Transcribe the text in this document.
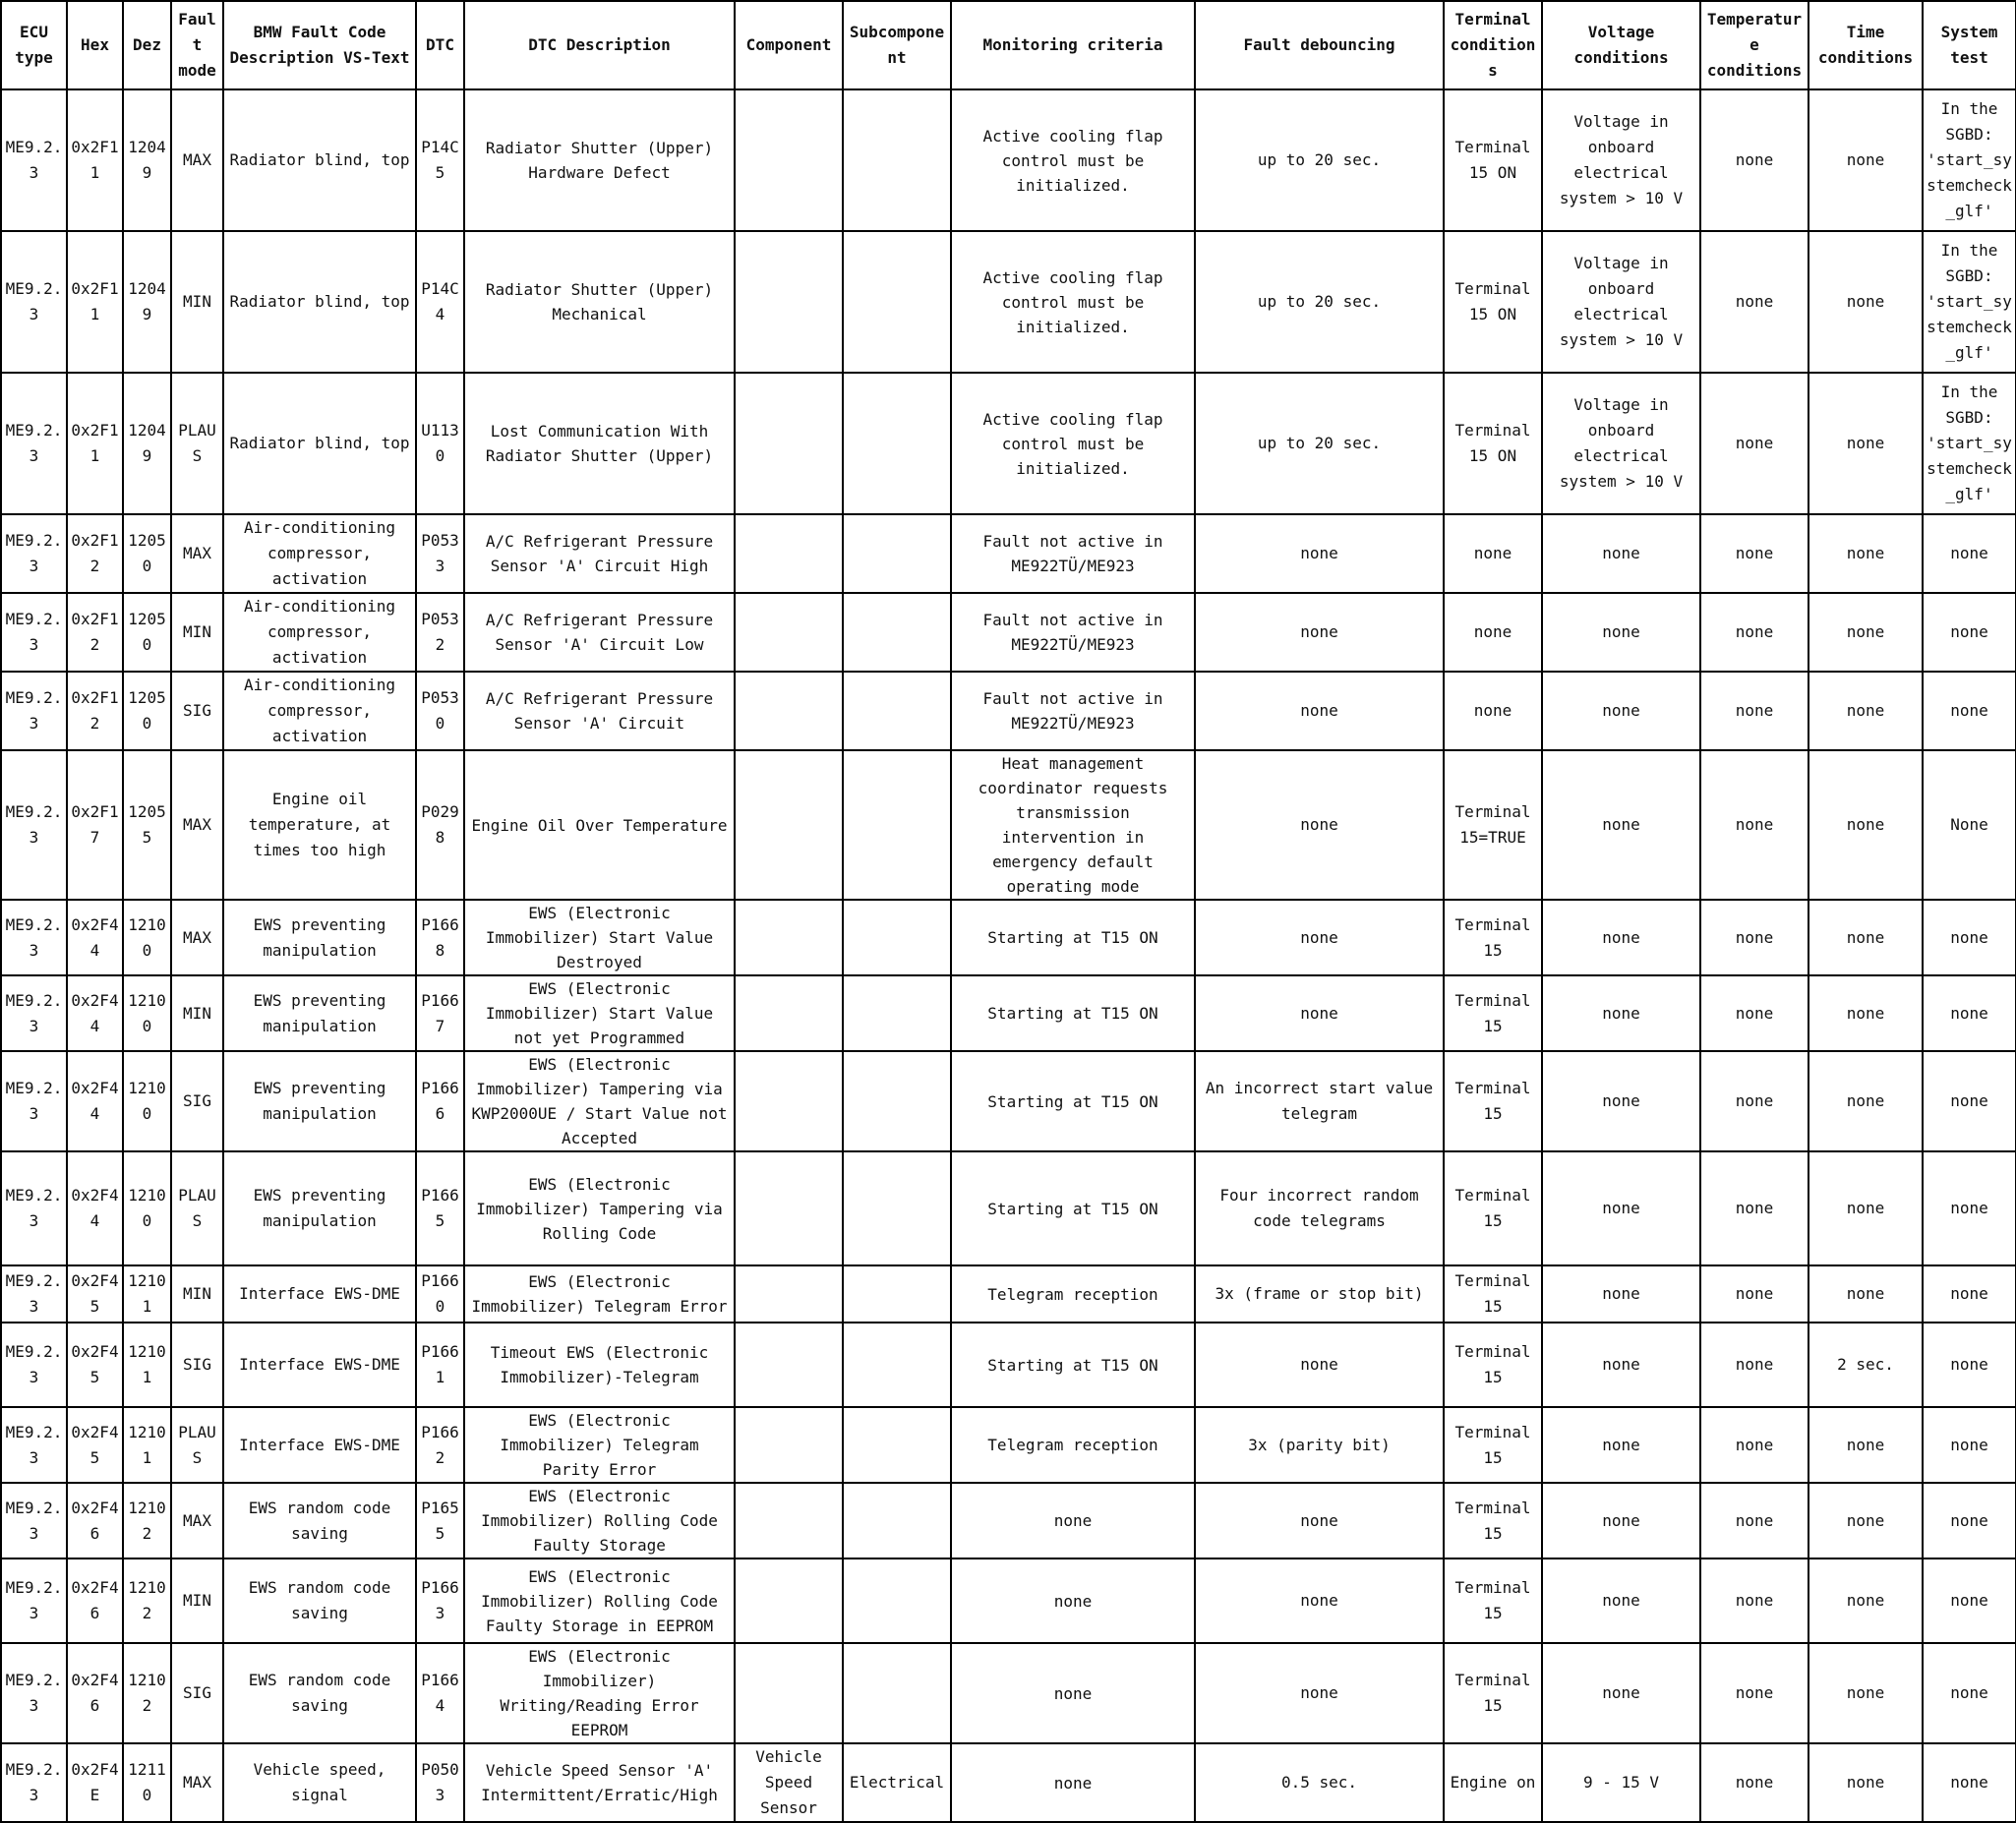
ECU type	Hex	Dez	Fault mode	BMW Fault Code Description VS-Text	DTC	DTC Description	Component	Subcomponent	Monitoring criteria	Fault debouncing	Terminal conditions	Voltage conditions	Temperature conditions	Time conditions	System test
ME9.2.3	0x2F11	12049	MAX	Radiator blind, top	P14C5	Radiator Shutter (Upper) Hardware Defect			Active cooling flap control must be initialized.	up to 20 sec.	Terminal 15 ON	Voltage in onboard electrical system > 10 V	none	none	In the SGBD: 'start_systemcheck_glf'
ME9.2.3	0x2F11	12049	MIN	Radiator blind, top	P14C4	Radiator Shutter (Upper) Mechanical			Active cooling flap control must be initialized.	up to 20 sec.	Terminal 15 ON	Voltage in onboard electrical system > 10 V	none	none	In the SGBD: 'start_systemcheck_glf'
ME9.2.3	0x2F11	12049	PLAUS	Radiator blind, top	U1130	Lost Communication With Radiator Shutter (Upper)			Active cooling flap control must be initialized.	up to 20 sec.	Terminal 15 ON	Voltage in onboard electrical system > 10 V	none	none	In the SGBD: 'start_systemcheck_glf'
ME9.2.3	0x2F12	12050	MAX	Air-conditioning compressor, activation	P0533	A/C Refrigerant Pressure Sensor 'A' Circuit High			Fault not active in ME922TÜ/ME923	none	none	none	none	none	none
ME9.2.3	0x2F12	12050	MIN	Air-conditioning compressor, activation	P0532	A/C Refrigerant Pressure Sensor 'A' Circuit Low			Fault not active in ME922TÜ/ME923	none	none	none	none	none	none
ME9.2.3	0x2F12	12050	SIG	Air-conditioning compressor, activation	P0530	A/C Refrigerant Pressure Sensor 'A' Circuit			Fault not active in ME922TÜ/ME923	none	none	none	none	none	none
ME9.2.3	0x2F17	12055	MAX	Engine oil temperature, at times too high	P0298	Engine Oil Over Temperature			Heat management coordinator requests transmission intervention in emergency default operating mode	none	Terminal 15=TRUE	none	none	none	None
ME9.2.3	0x2F44	12100	MAX	EWS preventing manipulation	P1668	EWS (Electronic Immobilizer) Start Value Destroyed			Starting at T15 ON	none	Terminal 15	none	none	none	none
ME9.2.3	0x2F44	12100	MIN	EWS preventing manipulation	P1667	EWS (Electronic Immobilizer) Start Value not yet Programmed			Starting at T15 ON	none	Terminal 15	none	none	none	none
ME9.2.3	0x2F44	12100	SIG	EWS preventing manipulation	P1666	EWS (Electronic Immobilizer) Tampering via KWP2000UE / Start Value not Accepted			Starting at T15 ON	An incorrect start value telegram	Terminal 15	none	none	none	none
ME9.2.3	0x2F44	12100	PLAUS	EWS preventing manipulation	P1665	EWS (Electronic Immobilizer) Tampering via Rolling Code			Starting at T15 ON	Four incorrect random code telegrams	Terminal 15	none	none	none	none
ME9.2.3	0x2F45	12101	MIN	Interface EWS-DME	P1660	EWS (Electronic Immobilizer) Telegram Error			Telegram reception	3x (frame or stop bit)	Terminal 15	none	none	none	none
ME9.2.3	0x2F45	12101	SIG	Interface EWS-DME	P1661	Timeout EWS (Electronic Immobilizer)-Telegram			Starting at T15 ON	none	Terminal 15	none	none	2 sec.	none
ME9.2.3	0x2F45	12101	PLAUS	Interface EWS-DME	P1662	EWS (Electronic Immobilizer) Telegram Parity Error			Telegram reception	3x (parity bit)	Terminal 15	none	none	none	none
ME9.2.3	0x2F46	12102	MAX	EWS random code saving	P1655	EWS (Electronic Immobilizer) Rolling Code Faulty Storage			none	none	Terminal 15	none	none	none	none
ME9.2.3	0x2F46	12102	MIN	EWS random code saving	P1663	EWS (Electronic Immobilizer) Rolling Code Faulty Storage in EEPROM			none	none	Terminal 15	none	none	none	none
ME9.2.3	0x2F46	12102	SIG	EWS random code saving	P1664	EWS (Electronic Immobilizer) Writing/Reading Error EEPROM			none	none	Terminal 15	none	none	none	none
ME9.2.3	0x2F4E	12110	MAX	Vehicle speed, signal	P0503	Vehicle Speed Sensor 'A' Intermittent/Erratic/High	Vehicle Speed Sensor	Electrical	none	0.5 sec.	Engine on	9 - 15 V	none	none	none
